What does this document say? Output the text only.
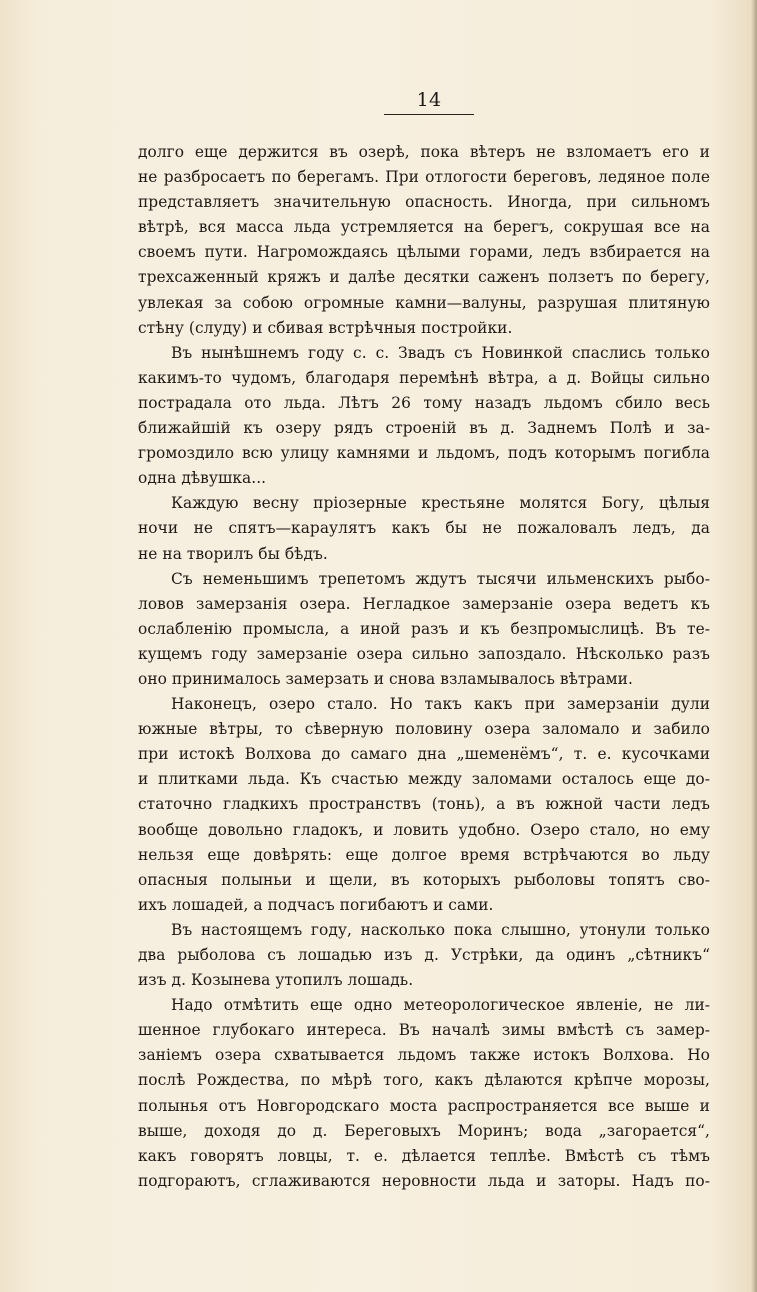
14
долго еще держится въ озерѣ, пока вѣтеръ не взломаетъ его и
не разбросаетъ по берегамъ. При отлогости береговъ, ледяное поле
представляетъ значительную опасность. Иногда, при сильномъ
вѣтрѣ, вся масса льда устремляется на берегъ, сокрушая все на
своемъ пути. Нагромождаясь цѣлыми горами, ледъ взбирается на
трехсаженный кряжъ и далѣе десятки саженъ ползетъ по берегу,
увлекая за собою огромные камни—валуны, разрушая плитяную
стѣну (слуду) и сбивая встрѣчныя постройки.
Въ нынѣшнемъ году с. с. Звадъ съ Новинкой спаслись только
какимъ-то чудомъ, благодаря перемѣнѣ вѣтра, а д. Войцы сильно
пострадала ото льда. Лѣтъ 26 тому назадъ льдомъ сбило весь
ближайшій къ озеру рядъ строеній въ д. Заднемъ Полѣ и за-
громоздило всю улицу камнями и льдомъ, подъ которымъ погибла
одна дѣвушка...
Каждую весну пріозерные крестьяне молятся Богу, цѣлыя
ночи не спятъ—караулятъ какъ бы не пожаловалъ ледъ, да
не на творилъ бы бѣдъ.
Съ неменьшимъ трепетомъ ждутъ тысячи ильменскихъ рыбо-
ловов замерзанія озера. Негладкое замерзаніе озера ведетъ къ
ослабленію промысла, а иной разъ и къ безпромыслицѣ. Въ те-
кущемъ году замерзаніе озера сильно запоздало. Нѣсколько разъ
оно принималось замерзать и снова взламывалось вѣтрами.
Наконецъ, озеро стало. Но такъ какъ при замерзаніи дули
южные вѣтры, то сѣверную половину озера заломало и забило
при истокѣ Волхова до самаго дна „шеменёмъ“, т. е. кусочками
и плитками льда. Къ счастью между заломами осталось еще до-
статочно гладкихъ пространствъ (тонь), а въ южной части ледъ
вообще довольно гладокъ, и ловить удобно. Озеро стало, но ему
нельзя еще довѣрять: еще долгое время встрѣчаются во льду
опасныя полыньи и щели, въ которыхъ рыболовы топятъ сво-
ихъ лошадей, а подчасъ погибаютъ и сами.
Въ настоящемъ году, насколько пока слышно, утонули только
два рыболова съ лошадью изъ д. Устрѣки, да одинъ „сѣтникъ“
изъ д. Козынева утопилъ лошадь.
Надо отмѣтить еще одно метеорологическое явленіе, не ли-
шенное глубокаго интереса. Въ началѣ зимы вмѣстѣ съ замер-
заніемъ озера схватывается льдомъ также истокъ Волхова. Но
послѣ Рождества, по мѣрѣ того, какъ дѣлаются крѣпче морозы,
полынья отъ Новгородскаго моста распространяется все выше и
выше, доходя до д. Береговыхъ Моринъ; вода „загорается“,
какъ говорятъ ловцы, т. е. дѣлается теплѣе. Вмѣстѣ съ тѣмъ
подгораютъ, сглаживаются неровности льда и заторы. Надъ по-
